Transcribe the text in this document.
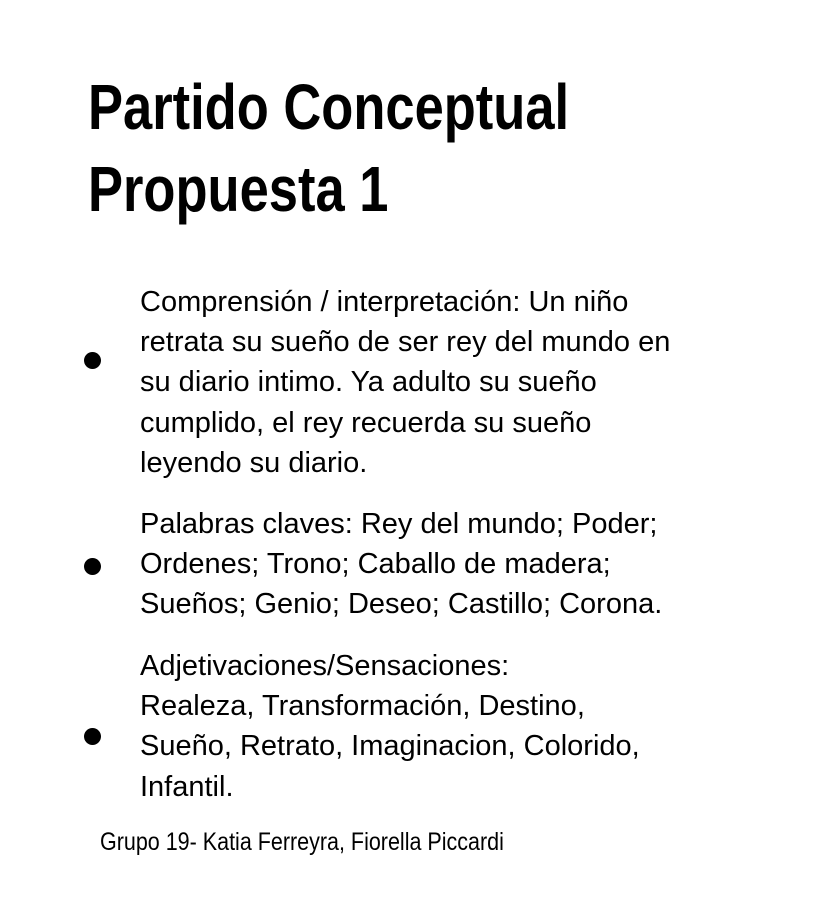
Partido Conceptual
Propuesta 1

Comprensión / interpretación: Un niño
retrata su sueño de ser rey del mundo en
su diario intimo. Ya adulto su sueño
cumplido, el rey recuerda su sueño
leyendo su diario.

Palabras claves: Rey del mundo; Poder;
Ordenes; Trono; Caballo de madera;
Sueños; Genio; Deseo; Castillo; Corona.

Adjetivaciones/Sensaciones:
Realeza, Transformación, Destino,
Sueño, Retrato, Imaginacion, Colorido,
Infantil.

Grupo 19- Katia Ferreyra, Fiorella Piccardi
